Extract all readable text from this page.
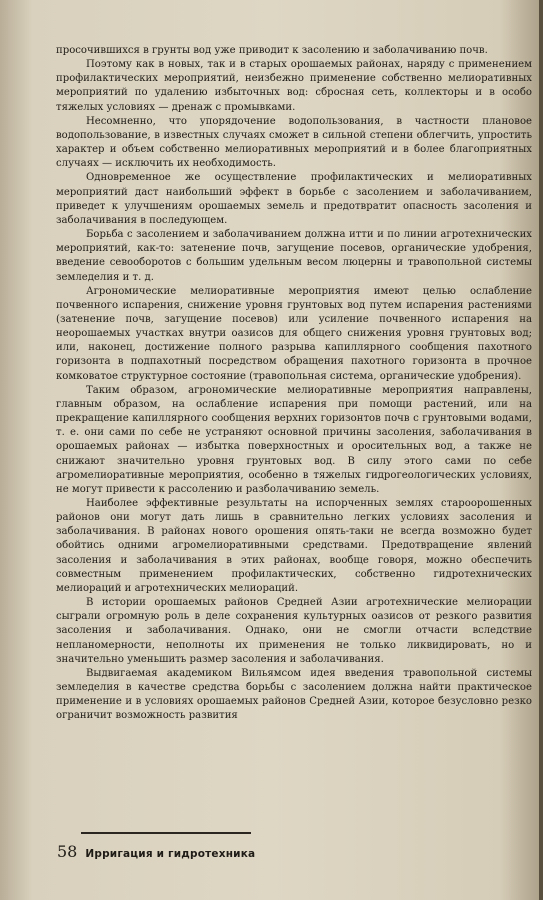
просочившихся в грунты вод уже приводит к засолению и заболачиванию почв.

Поэтому как в новых, так и в старых орошаемых районах, наряду с применением профилактических мероприятий, неизбежно применение собственно мелиоративных мероприятий по удалению избыточных вод: сбросная сеть, коллекторы и в особо тяжелых условиях — дренаж с промывками.

Несомненно, что упорядочение водопользования, в частности плановое водопользование, в известных случаях сможет в сильной степени облегчить, упростить характер и объем собственно мелиоративных мероприятий и в более благоприятных случаях — исключить их необходимость.

Одновременное же осуществление профилактических и мелиоративных мероприятий даст наибольший эффект в борьбе с засолением и заболачиванием, приведет к улучшениям орошаемых земель и предотвратит опасность засоления и заболачивания в последующем.

Борьба с засолением и заболачиванием должна итти и по линии агротехнических мероприятий, как-то: затенение почв, загущение посевов, органические удобрения, введение севооборотов с большим удельным весом люцерны и травопольной системы земледелия и т. д.

Агрономические мелиоративные мероприятия имеют целью ослабление почвенного испарения, снижение уровня грунтовых вод путем испарения растениями (затенение почв, загущение посевов) или усиление почвенного испарения на неорошаемых участках внутри оазисов для общего снижения уровня грунтовых вод; или, наконец, достижение полного разрыва капиллярного сообщения пахотного горизонта в подпахотный посредством обращения пахотного горизонта в прочное комковатое структурное состояние (травопольная система, органические удобрения).

Таким образом, агрономические мелиоративные мероприятия направлены, главным образом, на ослабление испарения при помощи растений, или на прекращение капиллярного сообщения верхних горизонтов почв с грунтовыми водами, т. е. они сами по себе не устраняют основной причины засоления, заболачивания в орошаемых районах — избытка поверхностных и оросительных вод, а также не снижают значительно уровня грунтовых вод. В силу этого сами по себе агромелиоративные мероприятия, особенно в тяжелых гидрогеологических условиях, не могут привести к рассолению и разболачиванию земель.

Наиболее эффективные результаты на испорченных землях староорошенных районов они могут дать лишь в сравнительно легких условиях засоления и заболачивания. В районах нового орошения опять-таки не всегда возможно будет обойтись одними агромелиоративными средствами. Предотвращение явлений засоления и заболачивания в этих районах, вообще говоря, можно обеспечить совместным применением профилактических, собственно гидротехнических мелиораций и агротехнических мелиораций.

В истории орошаемых районов Средней Азии агротехнические мелиорации сыграли огромную роль в деле сохранения культурных оазисов от резкого развития засоления и заболачивания. Однако, они не смогли отчасти вследствие непланомерности, неполноты их применения не только ликвидировать, но и значительно уменьшить размер засоления и заболачивания.

Выдвигаемая академиком Вильямсом идея введения травопольной системы земледелия в качестве средства борьбы с засолением должна найти практическое применение и в условиях орошаемых районов Средней Азии, которое безусловно резко ограничит возможность развития

58 Ирригация и гидротехника
